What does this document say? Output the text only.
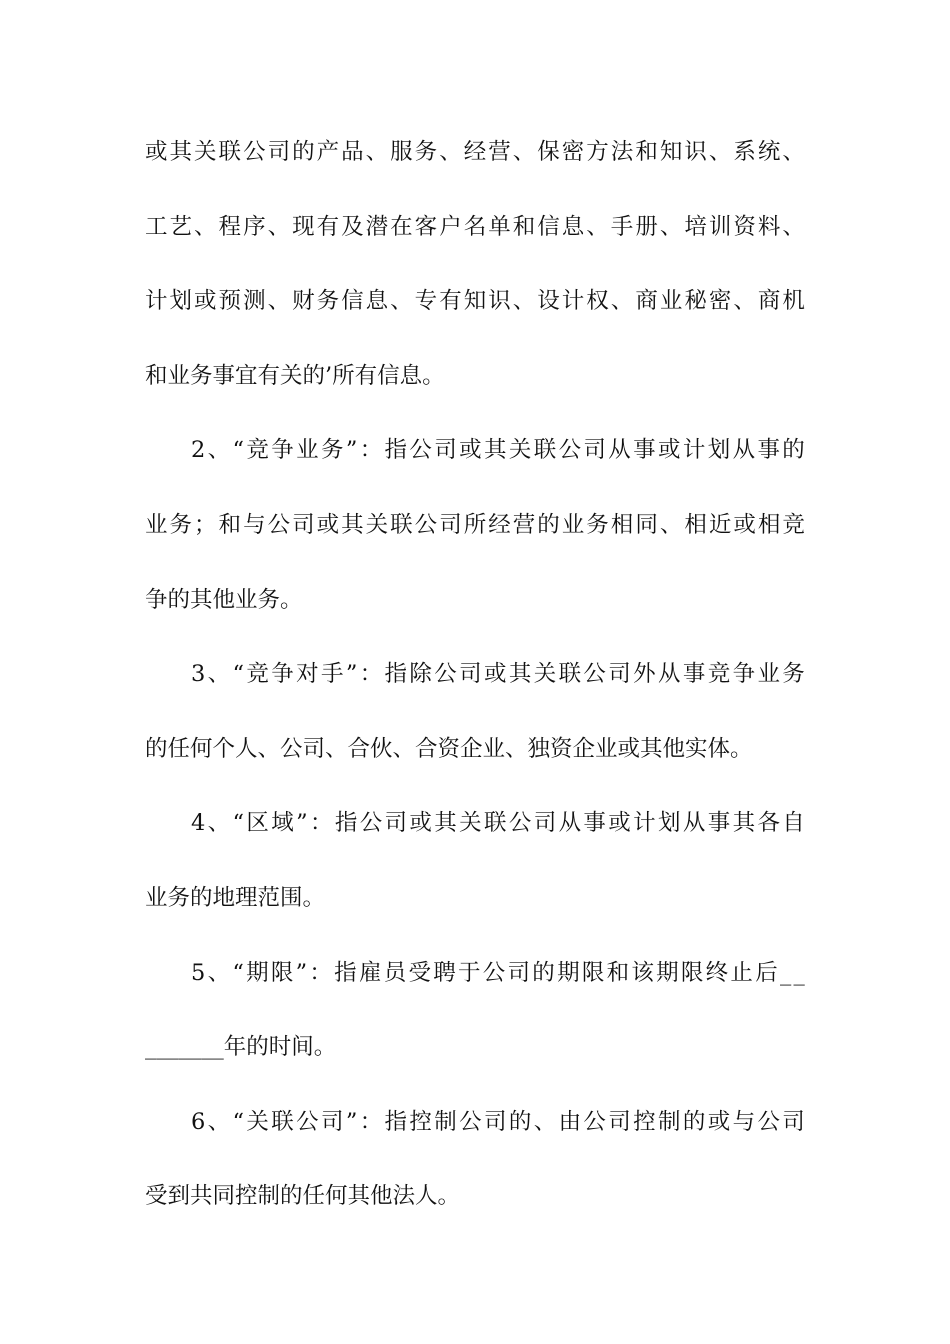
或 其 关 联 公 司 的 产 品 、 服 务 、 经 营 、 保 密 方 法 和 知 识 、 系 统 、
工 艺 、 程 序 、 现 有 及 潜 在 客 户 名 单 和 信 息 、 手 册 、 培 训 资 料 、
计 划 或 预 测 、 财 务 信 息 、 专 有 知 识 、 设 计 权 、 商 业 秘 密 、 商 机
和业务事宜有关的’所有信息。
2 、 “ 竞 争 业 务 ” ： 指 公 司 或 其 关 联 公 司 从 事 或 计 划 从 事 的
业 务 ； 和 与 公 司 或 其 关 联 公 司 所 经 营 的 业 务 相 同 、 相 近 或 相 竞
争的其他业务。
3 、 “ 竞 争 对 手 ” ： 指 除 公 司 或 其 关 联 公 司 外 从 事 竞 争 业 务
的任何个人、公司、合伙、合资企业、独资企业或其他实体。
4 、 “ 区 域 ” ： 指 公 司 或 其 关 联 公 司 从 事 或 计 划 从 事 其 各 自
业务的地理范围。
5 、 “ 期 限 ” ： 指 雇 员 受 聘 于 公 司 的 期 限 和 该 期 限 终 止 后 _ _
_______年的时间。
6 、 “ 关 联 公 司 ” ： 指 控 制 公 司 的 、 由 公 司 控 制 的 或 与 公 司
受到共同控制的任何其他法人。
